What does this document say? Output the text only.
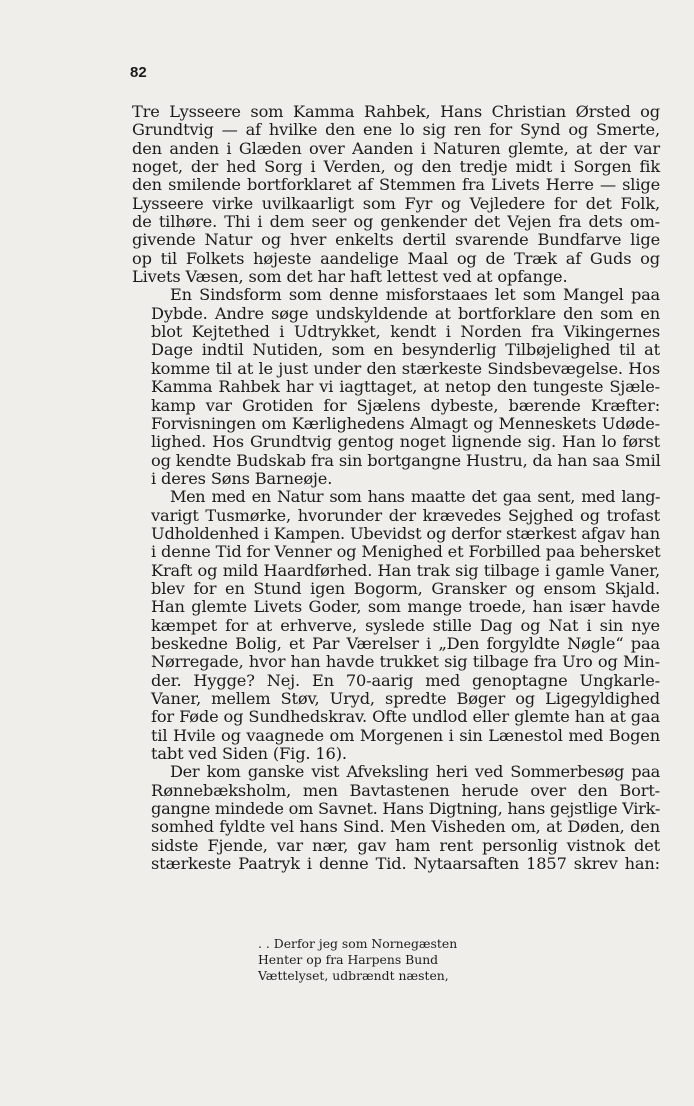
82

Tre Lysseere som Kamma Rahbek, Hans Christian Ørsted og
Grundtvig — af hvilke den ene lo sig ren for Synd og Smerte,
den anden i Glæden over Aanden i Naturen glemte, at der var
noget, der hed Sorg i Verden, og den tredje midt i Sorgen fik
den smilende bortforklaret af Stemmen fra Livets Herre — slige
Lysseere virke uvilkaarligt som Fyr og Vejledere for det Folk,
de tilhøre. Thi i dem seer og genkender det Vejen fra dets om-
givende Natur og hver enkelts dertil svarende Bundfarve lige
op til Folkets højeste aandelige Maal og de Træk af Guds og
Livets Væsen, som det har haft lettest ved at opfange.

En Sindsform som denne misforstaaes let som Mangel paa
Dybde. Andre søge undskyldende at bortforklare den som en
blot Kejtethed i Udtrykket, kendt i Norden fra Vikingernes
Dage indtil Nutiden, som en besynderlig Tilbøjelighed til at
komme til at le just under den stærkeste Sindsbevægelse. Hos
Kamma Rahbek har vi iagttaget, at netop den tungeste Sjæle-
kamp var Grotiden for Sjælens dybeste, bærende Kræfter:
Forvisningen om Kærlighedens Almagt og Menneskets Udøde-
lighed. Hos Grundtvig gentog noget lignende sig. Han lo først
og kendte Budskab fra sin bortgangne Hustru, da han saa Smil
i deres Søns Barneøje.

Men med en Natur som hans maatte det gaa sent, med lang-
varigt Tusmørke, hvorunder der krævedes Sejghed og trofast
Udholdenhed i Kampen. Ubevidst og derfor stærkest afgav han
i denne Tid for Venner og Menighed et Forbilled paa behersket
Kraft og mild Haardførhed. Han trak sig tilbage i gamle Vaner,
blev for en Stund igen Bogorm, Gransker og ensom Skjald.
Han glemte Livets Goder, som mange troede, han især havde
kæmpet for at erhverve, syslede stille Dag og Nat i sin nye
beskedne Bolig, et Par Værelser i „Den forgyldte Nøgle“ paa
Nørregade, hvor han havde trukket sig tilbage fra Uro og Min-
der. Hygge? Nej. En 70-aarig med genoptagne Ungkarle-
Vaner, mellem Støv, Uryd, spredte Bøger og Ligegyldighed
for Føde og Sundhedskrav. Ofte undlod eller glemte han at gaa
til Hvile og vaagnede om Morgenen i sin Lænestol med Bogen
tabt ved Siden (Fig. 16).

Der kom ganske vist Afveksling heri ved Sommerbesøg paa
Rønnebæksholm, men Bavtastenen herude over den Bort-
gangne mindede om Savnet. Hans Digtning, hans gejstlige Virk-
somhed fyldte vel hans Sind. Men Visheden om, at Døden, den
sidste Fjende, var nær, gav ham rent personlig vistnok det
stærkeste Paatryk i denne Tid. Nytaarsaften 1857 skrev han:

. . Derfor jeg som Nornegæsten
Henter op fra Harpens Bund
Vættelyset, udbrændt næsten,
